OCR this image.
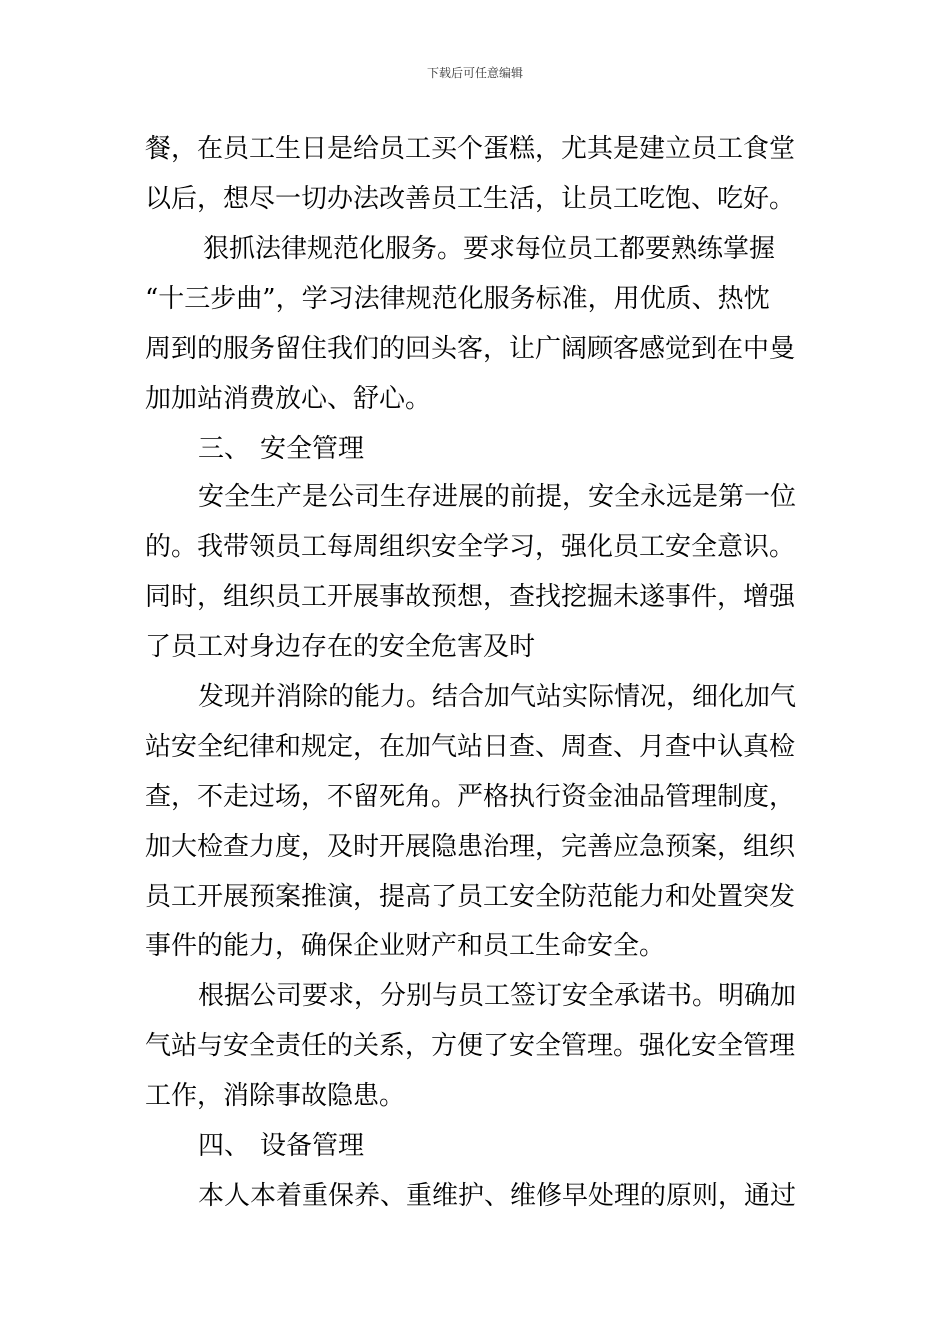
下载后可任意编辑
餐，在员工生日是给员工买个蛋糕，尤其是建立员工食堂
以后，想尽一切办法改善员工生活，让员工吃饱、吃好。
狠抓法律规范化服务。要求每位员工都要熟练掌握
“十三步曲”，学习法律规范化服务标准，用优质、热忱
周到的服务留住我们的回头客，让广阔顾客感觉到在中曼
加加站消费放心、舒心。
三、 安全管理
安全生产是公司生存进展的前提，安全永远是第一位
的。我带领员工每周组织安全学习，强化员工安全意识。
同时，组织员工开展事故预想，查找挖掘未遂事件，增强
了员工对身边存在的安全危害及时
发现并消除的能力。结合加气站实际情况，细化加气
站安全纪律和规定，在加气站日查、周查、月查中认真检
查，不走过场，不留死角。严格执行资金油品管理制度，
加大检查力度，及时开展隐患治理，完善应急预案，组织
员工开展预案推演，提高了员工安全防范能力和处置突发
事件的能力，确保企业财产和员工生命安全。
根据公司要求，分别与员工签订安全承诺书。明确加
气站与安全责任的关系，方便了安全管理。强化安全管理
工作，消除事故隐患。
四、 设备管理
本人本着重保养、重维护、维修早处理的原则，通过
